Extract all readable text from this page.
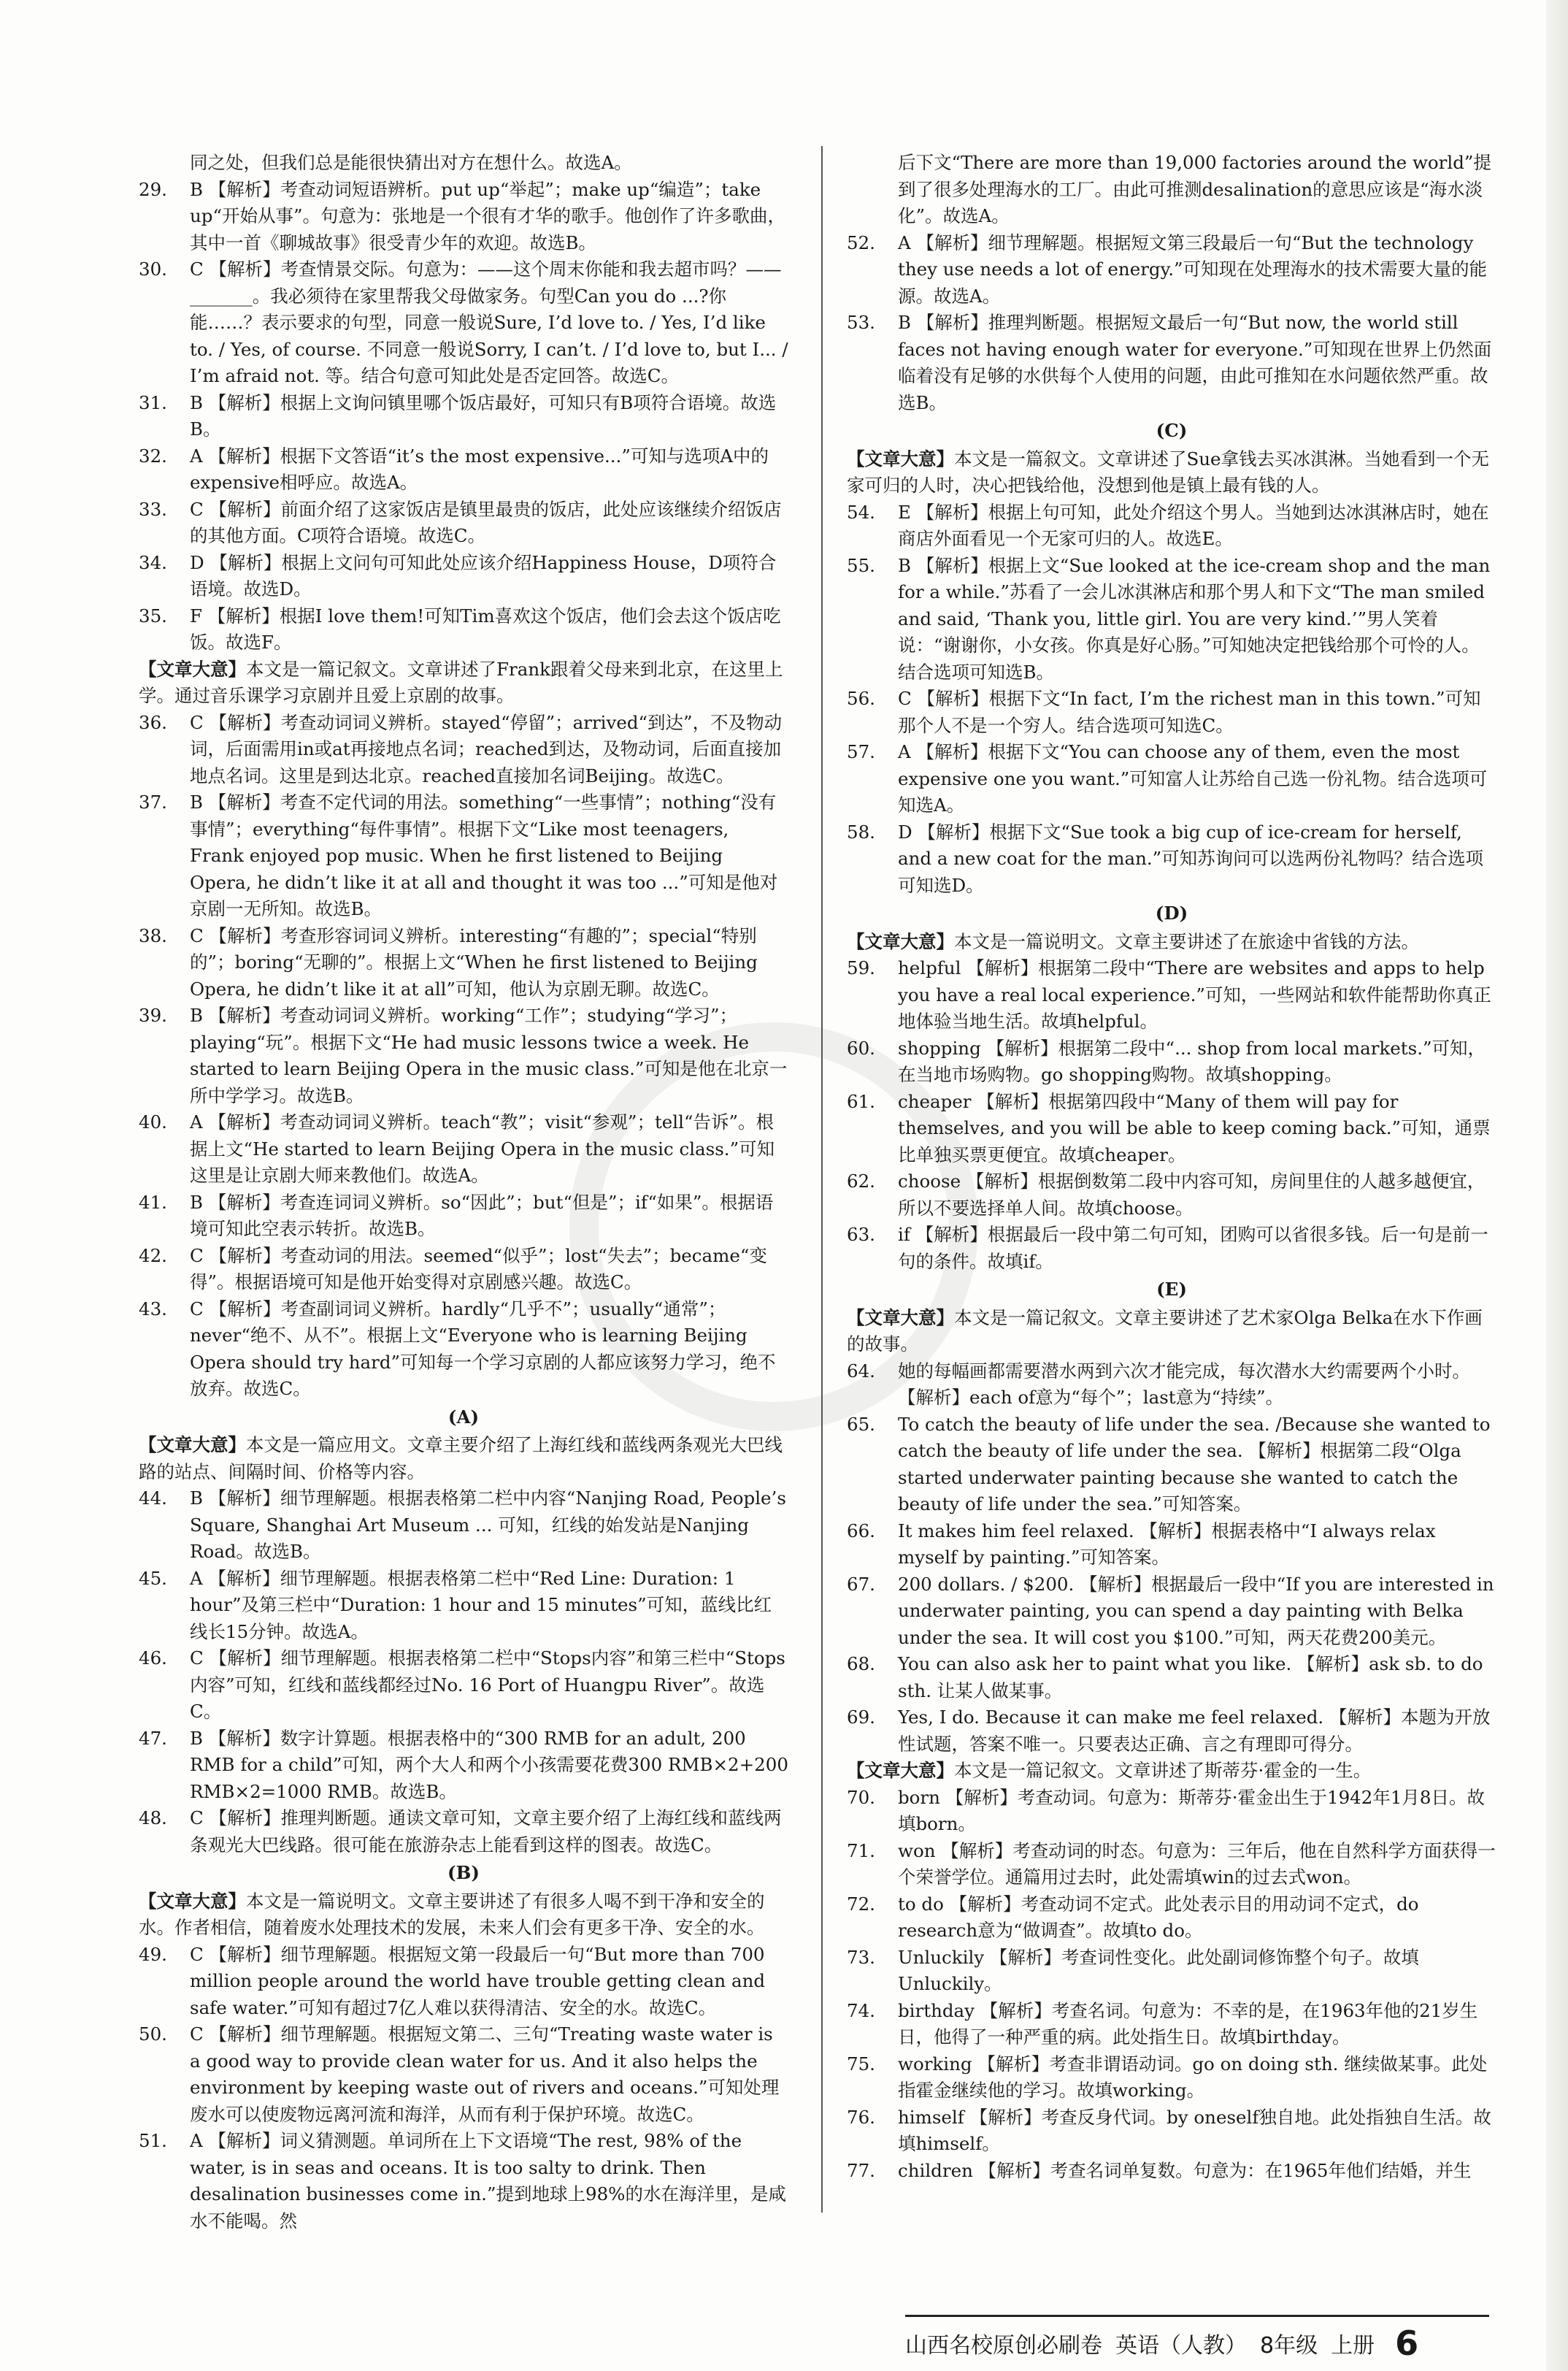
同之处，但我们总是能很快猜出对方在想什么。故选A。

29.	B 【解析】考查动词短语辨析。put up“举起”；make up“编造”；take up“开始从事”。句意为：张地是一个很有才华的歌手。他创作了许多歌曲，其中一首《聊城故事》很受青少年的欢迎。故选B。

30.	C 【解析】考查情景交际。句意为：——这个周末你能和我去超市吗？——_______。我必须待在家里帮我父母做家务。句型Can you do ...?你能……？表示要求的句型，同意一般说Sure, I’d love to. / Yes, I’d like to. / Yes, of course. 不同意一般说Sorry, I can’t. / I’d love to, but I... / I’m afraid not. 等。结合句意可知此处是否定回答。故选C。

31.	B 【解析】根据上文询问镇里哪个饭店最好，可知只有B项符合语境。故选B。

32.	A 【解析】根据下文答语“it’s the most expensive...”可知与选项A中的expensive相呼应。故选A。

33.	C 【解析】前面介绍了这家饭店是镇里最贵的饭店，此处应该继续介绍饭店的其他方面。C项符合语境。故选C。

34.	D 【解析】根据上文问句可知此处应该介绍Happiness House，D项符合语境。故选D。

35.	F 【解析】根据I love them!可知Tim喜欢这个饭店，他们会去这个饭店吃饭。故选F。

【文章大意】本文是一篇记叙文。文章讲述了Frank跟着父母来到北京，在这里上学。通过音乐课学习京剧并且爱上京剧的故事。

36.	C 【解析】考查动词词义辨析。stayed“停留”；arrived“到达”，不及物动词，后面需用in或at再接地点名词；reached到达，及物动词，后面直接加地点名词。这里是到达北京。reached直接加名词Beijing。故选C。

37.	B 【解析】考查不定代词的用法。something“一些事情”；nothing“没有事情”；everything“每件事情”。根据下文“Like most teenagers, Frank enjoyed pop music. When he first listened to Beijing Opera, he didn’t like it at all and thought it was too ...”可知是他对京剧一无所知。故选B。

38.	C 【解析】考查形容词词义辨析。interesting“有趣的”；special“特别的”；boring“无聊的”。根据上文“When he first listened to Beijing Opera, he didn’t like it at all”可知，他认为京剧无聊。故选C。

39.	B 【解析】考查动词词义辨析。working“工作”；studying“学习”；playing“玩”。根据下文“He had music lessons twice a week. He started to learn Beijing Opera in the music class.”可知是他在北京一所中学学习。故选B。

40.	A 【解析】考查动词词义辨析。teach“教”；visit“参观”；tell“告诉”。根据上文“He started to learn Beijing Opera in the music class.”可知这里是让京剧大师来教他们。故选A。

41.	B 【解析】考查连词词义辨析。so“因此”；but“但是”；if“如果”。根据语境可知此空表示转折。故选B。

42.	C 【解析】考查动词的用法。seemed“似乎”；lost“失去”；became“变得”。根据语境可知是他开始变得对京剧感兴趣。故选C。

43.	C 【解析】考查副词词义辨析。hardly“几乎不”；usually“通常”；never“绝不、从不”。根据上文“Everyone who is learning Beijing Opera should try hard”可知每一个学习京剧的人都应该努力学习，绝不放弃。故选C。

(A)

【文章大意】本文是一篇应用文。文章主要介绍了上海红线和蓝线两条观光大巴线路的站点、间隔时间、价格等内容。

44.	B 【解析】细节理解题。根据表格第二栏中内容“Nanjing Road, People’s Square, Shanghai Art Museum ... 可知，红线的始发站是Nanjing Road。故选B。

45.	A 【解析】细节理解题。根据表格第二栏中“Red Line: Duration: 1 hour”及第三栏中“Duration: 1 hour and 15 minutes”可知，蓝线比红线长15分钟。故选A。

46.	C 【解析】细节理解题。根据表格第二栏中“Stops内容”和第三栏中“Stops内容”可知，红线和蓝线都经过No. 16 Port of Huangpu River”。故选C。

47.	B 【解析】数字计算题。根据表格中的“300 RMB for an adult, 200 RMB for a child”可知，两个大人和两个小孩需要花费300 RMB×2+200 RMB×2=1000 RMB。故选B。

48.	C 【解析】推理判断题。通读文章可知，文章主要介绍了上海红线和蓝线两条观光大巴线路。很可能在旅游杂志上能看到这样的图表。故选C。

(B)

【文章大意】本文是一篇说明文。文章主要讲述了有很多人喝不到干净和安全的水。作者相信，随着废水处理技术的发展，未来人们会有更多干净、安全的水。

49.	C 【解析】细节理解题。根据短文第一段最后一句“But more than 700 million people around the world have trouble getting clean and safe water.”可知有超过7亿人难以获得清洁、安全的水。故选C。

50.	C 【解析】细节理解题。根据短文第二、三句“Treating waste water is a good way to provide clean water for us. And it also helps the environment by keeping waste out of rivers and oceans.”可知处理废水可以使废物远离河流和海洋，从而有利于保护环境。故选C。

51.	A 【解析】词义猜测题。单词所在上下文语境“The rest, 98% of the water, is in seas and oceans. It is too salty to drink. Then desalination businesses come in.”提到地球上98%的水在海洋里，是咸水不能喝。然

后下文“There are more than 19,000 factories around the world”提到了很多处理海水的工厂。由此可推测desalination的意思应该是“海水淡化”。故选A。

52.	A 【解析】细节理解题。根据短文第三段最后一句“But the technology they use needs a lot of energy.”可知现在处理海水的技术需要大量的能源。故选A。

53.	B 【解析】推理判断题。根据短文最后一句“But now, the world still faces not having enough water for everyone.”可知现在世界上仍然面临着没有足够的水供每个人使用的问题，由此可推知在水问题依然严重。故选B。

(C)

【文章大意】本文是一篇叙文。文章讲述了Sue拿钱去买冰淇淋。当她看到一个无家可归的人时，决心把钱给他，没想到他是镇上最有钱的人。

54.	E 【解析】根据上句可知，此处介绍这个男人。当她到达冰淇淋店时，她在商店外面看见一个无家可归的人。故选E。

55.	B 【解析】根据上文“Sue looked at the ice-cream shop and the man for a while.”苏看了一会儿冰淇淋店和那个男人和下文“The man smiled and said, ‘Thank you, little girl. You are very kind.’”男人笑着说：“谢谢你，小女孩。你真是好心肠。”可知她决定把钱给那个可怜的人。结合选项可知选B。

56.	C 【解析】根据下文“In fact, I’m the richest man in this town.”可知那个人不是一个穷人。结合选项可知选C。

57.	A 【解析】根据下文“You can choose any of them, even the most expensive one you want.”可知富人让苏给自己选一份礼物。结合选项可知选A。

58.	D 【解析】根据下文“Sue took a big cup of ice-cream for herself, and a new coat for the man.”可知苏询问可以选两份礼物吗？结合选项可知选D。

(D)

【文章大意】本文是一篇说明文。文章主要讲述了在旅途中省钱的方法。

59.	helpful 【解析】根据第二段中“There are websites and apps to help you have a real local experience.”可知，一些网站和软件能帮助你真正地体验当地生活。故填helpful。

60.	shopping 【解析】根据第二段中“... shop from local markets.”可知，在当地市场购物。go shopping购物。故填shopping。

61.	cheaper 【解析】根据第四段中“Many of them will pay for themselves, and you will be able to keep coming back.”可知，通票比单独买票更便宜。故填cheaper。

62.	choose 【解析】根据倒数第二段中内容可知，房间里住的人越多越便宜，所以不要选择单人间。故填choose。

63.	if 【解析】根据最后一段中第二句可知，团购可以省很多钱。后一句是前一句的条件。故填if。

(E)

【文章大意】本文是一篇记叙文。文章主要讲述了艺术家Olga Belka在水下作画的故事。

64.	她的每幅画都需要潜水两到六次才能完成，每次潜水大约需要两个小时。 【解析】each of意为“每个”；last意为“持续”。

65.	To catch the beauty of life under the sea. /Because she wanted to catch the beauty of life under the sea. 【解析】根据第二段“Olga started underwater painting because she wanted to catch the beauty of life under the sea.”可知答案。

66.	It makes him feel relaxed. 【解析】根据表格中“I always relax myself by painting.”可知答案。

67.	200 dollars. / $200. 【解析】根据最后一段中“If you are interested in underwater painting, you can spend a day painting with Belka under the sea. It will cost you $100.”可知，两天花费200美元。

68.	You can also ask her to paint what you like. 【解析】ask sb. to do sth. 让某人做某事。

69.	Yes, I do. Because it can make me feel relaxed. 【解析】本题为开放性试题，答案不唯一。只要表达正确、言之有理即可得分。

【文章大意】本文是一篇记叙文。文章讲述了斯蒂芬·霍金的一生。

70.	born 【解析】考查动词。句意为：斯蒂芬·霍金出生于1942年1月8日。故填born。

71.	won 【解析】考查动词的时态。句意为：三年后，他在自然科学方面获得一个荣誉学位。通篇用过去时，此处需填win的过去式won。

72.	to do 【解析】考查动词不定式。此处表示目的用动词不定式，do research意为“做调查”。故填to do。

73.	Unluckily 【解析】考查词性变化。此处副词修饰整个句子。故填Unluckily。

74.	birthday 【解析】考查名词。句意为：不幸的是，在1963年他的21岁生日，他得了一种严重的病。此处指生日。故填birthday。

75.	working 【解析】考查非谓语动词。go on doing sth. 继续做某事。此处指霍金继续他的学习。故填working。

76.	himself 【解析】考查反身代词。by oneself独自地。此处指独自生活。故填himself。

77.	children 【解析】考查名词单复数。句意为：在1965年他们结婚，并生

山西名校原创必刷卷 英语（人教） 8年级 上册 6
